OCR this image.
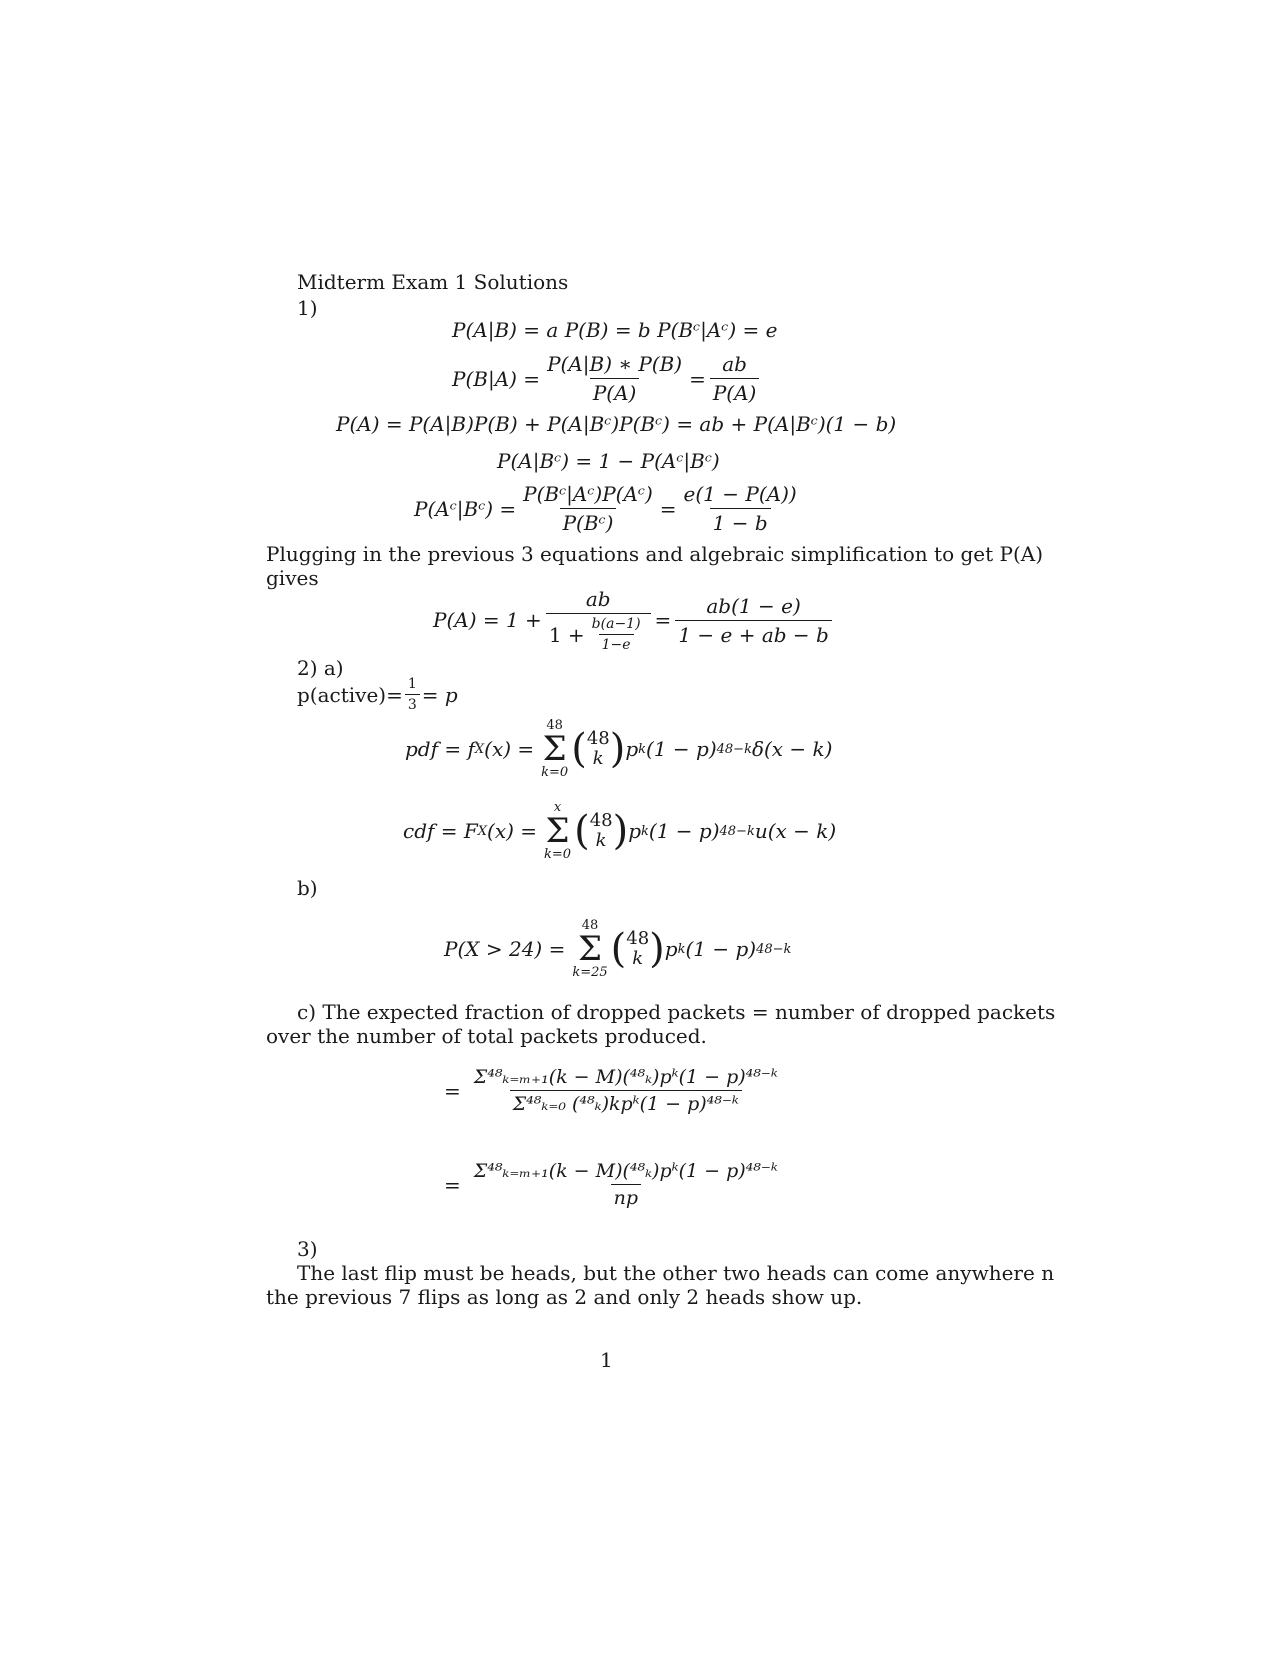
Midterm Exam 1 Solutions
1)
P(A|B) = a P(B) = b P(Bᶜ|Aᶜ) = e
$P(B|A) = \frac{P(A|B) ∗ P(B)}{P(A)} = \frac{ab}{P(A)}$
P(A) = P(A|B)P(B) + P(A|Bᶜ)P(Bᶜ) = ab + P(A|Bᶜ)(1 − b)
P(A|Bᶜ) = 1 − P(Aᶜ|Bᶜ)
P(Aᶜ|Bᶜ) = $\frac{\text{P(Bᶜ|Aᶜ)P(Aᶜ)}}{\text{P(Bᶜ)}} = \frac{e(1 - P(A))}{1 - b}$
Plugging in the previous 3 equations and algebraic simplification to get P(A)
gives
$P(A) = 1 + \frac{ab}{1 + \frac{b(a-1)}{1-e}} = \frac{ab(1 - e)}{1 - e + ab - b}$
2) a)
p(active)= $\frac{1}{3} = p$
pdf = f X (x) =
48
Σ
k=0
( 48
k ) p k (1 − p) 48−k δ(x − k)
cdf = F X (x) =
x
Σ
k=0
( 48
k ) p k (1 − p) 48−k u(x − k)
b)
P(X > 24) =
48
Σ
k=25
( 48
k ) p k (1 − p) 48−k
c) The expected fraction of dropped packets = number of dropped packets
over the number of total packets produced.
= $\frac{\text{Σ⁴⁸ₖ₌ₘ₊₁(k − M)(⁴⁸ₖ)pᵏ(1 − p)⁴⁸⁻ᵏ}}{\text{Σ⁴⁸ₖ₌₀ (⁴⁸ₖ)kpᵏ(1 − p)⁴⁸⁻ᵏ}}$
= $\frac{\text{Σ⁴⁸ₖ₌ₘ₊₁(k − M)(⁴⁸ₖ)pᵏ(1 − p)⁴⁸⁻ᵏ}}{np}$
3)
The last flip must be heads, but the other two heads can come anywhere n
the previous 7 flips as long as 2 and only 2 heads show up.
1
